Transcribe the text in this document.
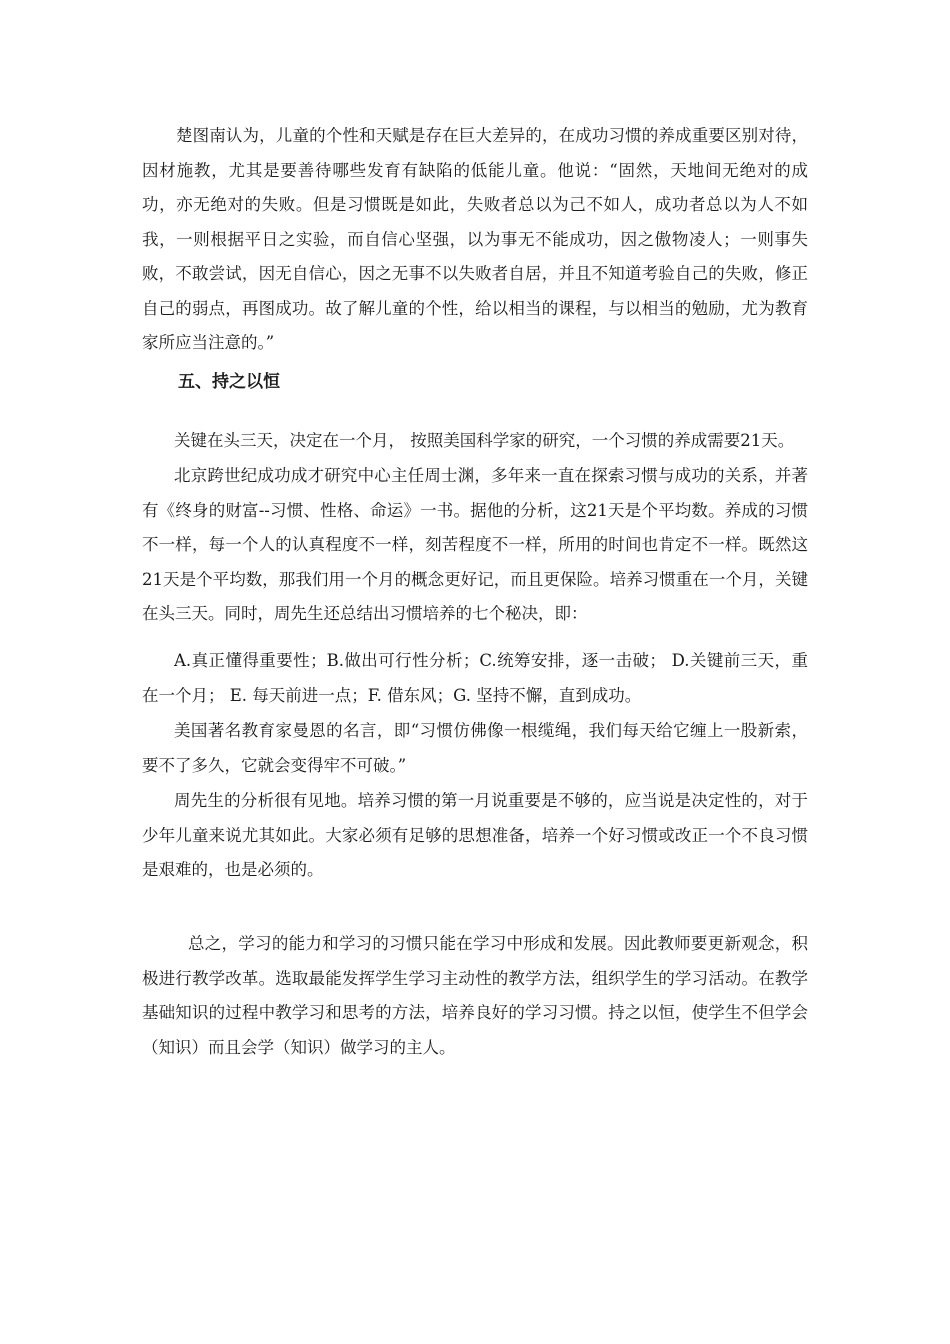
楚图南认为，儿童的个性和天赋是存在巨大差异的，在成功习惯的养成重要区别对待，因材施教，尤其是要善待哪些发育有缺陷的低能儿童。他说：“固然，天地间无绝对的成功，亦无绝对的失败。但是习惯既是如此，失败者总以为己不如人，成功者总以为人不如我，一则根据平日之实验，而自信心坚强，以为事无不能成功，因之傲物凌人；一则事失败，不敢尝试，因无自信心，因之无事不以失败者自居，并且不知道考验自己的失败，修正自己的弱点，再图成功。故了解儿童的个性，给以相当的课程，与以相当的勉励，尤为教育家所应当注意的。”

五、持之以恒

关键在头三天，决定在一个月， 按照美国科学家的研究，一个习惯的养成需要21天。

北京跨世纪成功成才研究中心主任周士渊，多年来一直在探索习惯与成功的关系，并著有《终身的财富--习惯、性格、命运》一书。据他的分析，这21天是个平均数。养成的习惯不一样，每一个人的认真程度不一样，刻苦程度不一样，所用的时间也肯定不一样。既然这21天是个平均数，那我们用一个月的概念更好记，而且更保险。培养习惯重在一个月，关键在头三天。同时，周先生还总结出习惯培养的七个秘决，即：

A.真正懂得重要性；B.做出可行性分析；C.统筹安排，逐一击破； D.关键前三天，重在一个月； E. 每天前进一点；F. 借东风；G. 坚持不懈，直到成功。

美国著名教育家曼恩的名言，即“习惯仿佛像一根缆绳，我们每天给它缠上一股新索，要不了多久，它就会变得牢不可破。”

周先生的分析很有见地。培养习惯的第一月说重要是不够的，应当说是决定性的，对于少年儿童来说尤其如此。大家必须有足够的思想准备，培养一个好习惯或改正一个不良习惯是艰难的，也是必须的。

总之，学习的能力和学习的习惯只能在学习中形成和发展。因此教师要更新观念，积极进行教学改革。选取最能发挥学生学习主动性的教学方法，组织学生的学习活动。在教学基础知识的过程中教学习和思考的方法，培养良好的学习习惯。持之以恒，使学生不但学会（知识）而且会学（知识）做学习的主人。
